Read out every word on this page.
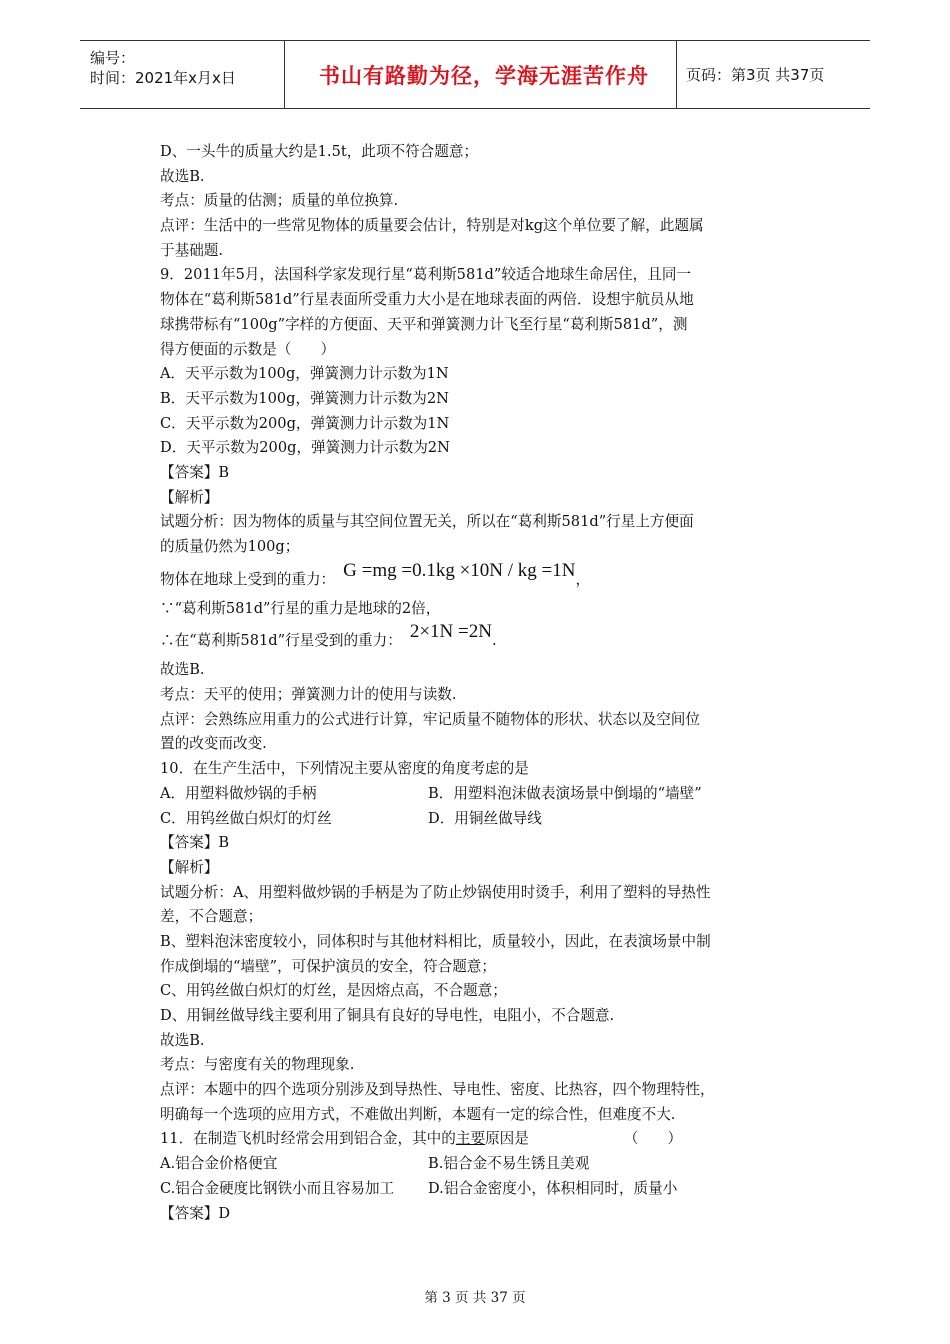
编号：
时间：2021年x月x日	书山有路勤为径，学海无涯苦作舟	页码：第3页 共37页
D、一头牛的质量大约是1.5t，此项不符合题意；
故选B.
考点：质量的估测；质量的单位换算.
点评：生活中的一些常见物体的质量要会估计，特别是对kg这个单位要了解，此题属
于基础题.
9．2011年5月，法国科学家发现行星“葛利斯581d”较适合地球生命居住，且同一
物体在“葛利斯581d”行星表面所受重力大小是在地球表面的两倍．设想宇航员从地
球携带标有“100g”字样的方便面、天平和弹簧测力计飞至行星“葛利斯581d”，测
得方便面的示数是（　　）
A．天平示数为100g，弹簧测力计示数为1N
B．天平示数为100g，弹簧测力计示数为2N
C．天平示数为200g，弹簧测力计示数为1N
D．天平示数为200g，弹簧测力计示数为2N
【答案】B
【解析】
试题分析：因为物体的质量与其空间位置无关，所以在“葛利斯581d”行星上方便面
的质量仍然为100g；
物体在地球上受到的重力： G =mg =0.1kg ×10N / kg =1N，
∵“葛利斯581d”行星的重力是地球的2倍，
∴在“葛利斯581d”行星受到的重力： 2×1N =2N.
故选B.
考点：天平的使用；弹簧测力计的使用与读数.
点评：会熟练应用重力的公式进行计算，牢记质量不随物体的形状、状态以及空间位
置的改变而改变.
10．在生产生活中，下列情况主要从密度的角度考虑的是
A．用塑料做炒锅的手柄	B．用塑料泡沫做表演场景中倒塌的“墙壁”
C．用钨丝做白炽灯的灯丝	D．用铜丝做导线
【答案】B
【解析】
试题分析：A、用塑料做炒锅的手柄是为了防止炒锅使用时烫手，利用了塑料的导热性
差，不合题意；
B、塑料泡沫密度较小，同体积时与其他材料相比，质量较小，因此，在表演场景中制
作成倒塌的“墙壁”，可保护演员的安全，符合题意；
C、用钨丝做白炽灯的灯丝，是因熔点高，不合题意；
D、用铜丝做导线主要利用了铜具有良好的导电性，电阻小，不合题意.
故选B.
考点：与密度有关的物理现象.
点评：本题中的四个选项分别涉及到导热性、导电性、密度、比热容，四个物理特性，
明确每一个选项的应用方式，不难做出判断，本题有一定的综合性，但难度不大.
11．在制造飞机时经常会用到铝合金，其中的主要原因是　　　　　　　（　　）
A.铝合金价格便宜	B.铝合金不易生锈且美观
C.铝合金硬度比钢铁小而且容易加工	D.铝合金密度小，体积相同时，质量小
【答案】D
第 3 页 共 37 页
